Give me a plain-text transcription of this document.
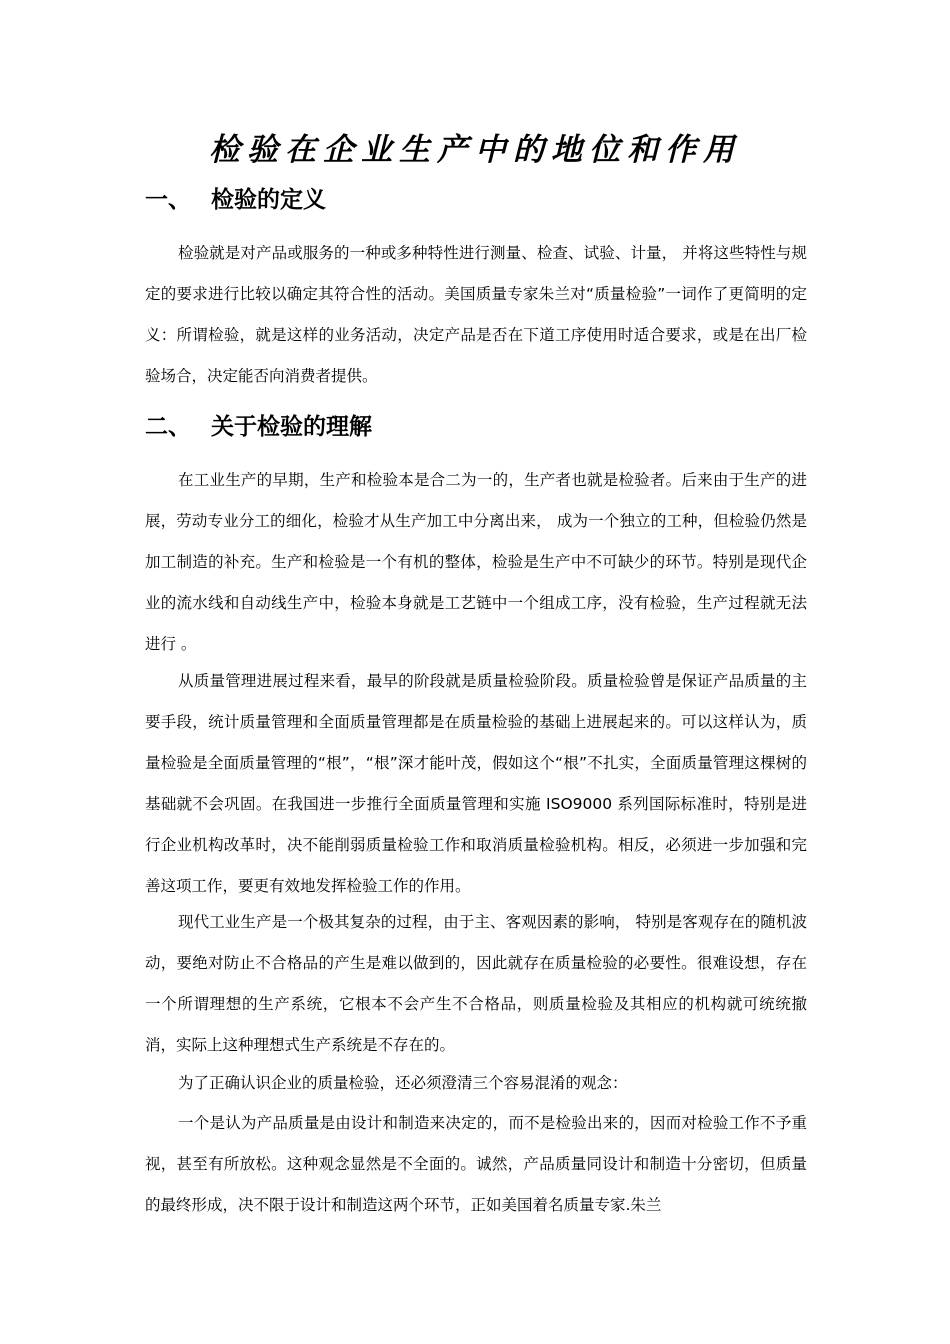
检验在企业生产中的地位和作用
一、 检验的定义

检验就是对产品或服务的一种或多种特性进行测量、检查、试验、计量， 并将这些特性与规定的要求进行比较以确定其符合性的活动。美国质量专家朱兰对“质量检验”一词作了更简明的定义：所谓检验，就是这样的业务活动，决定产品是否在下道工序使用时适合要求，或是在出厂检验场合，决定能否向消费者提供。

二、 关于检验的理解

在工业生产的早期，生产和检验本是合二为一的，生产者也就是检验者。后来由于生产的进展，劳动专业分工的细化，检验才从生产加工中分离出来， 成为一个独立的工种，但检验仍然是加工制造的补充。生产和检验是一个有机的整体，检验是生产中不可缺少的环节。特别是现代企业的流水线和自动线生产中，检验本身就是工艺链中一个组成工序，没有检验，生产过程就无法进行 。

从质量管理进展过程来看，最早的阶段就是质量检验阶段。质量检验曾是保证产品质量的主要手段，统计质量管理和全面质量管理都是在质量检验的基础上进展起来的。可以这样认为，质量检验是全面质量管理的“根”，“根”深才能叶茂，假如这个“根”不扎实，全面质量管理这棵树的基础就不会巩固。在我国进一步推行全面质量管理和实施 ISO9000 系列国际标准时，特别是进行企业机构改革时，决不能削弱质量检验工作和取消质量检验机构。相反，必须进一步加强和完善这项工作，要更有效地发挥检验工作的作用。

现代工业生产是一个极其复杂的过程，由于主、客观因素的影响， 特别是客观存在的随机波动，要绝对防止不合格品的产生是难以做到的，因此就存在质量检验的必要性。很难设想，存在一个所谓理想的生产系统，它根本不会产生不合格品，则质量检验及其相应的机构就可统统撤消，实际上这种理想式生产系统是不存在的。

为了正确认识企业的质量检验，还必须澄清三个容易混淆的观念：

一个是认为产品质量是由设计和制造来决定的，而不是检验出来的，因而对检验工作不予重视，甚至有所放松。这种观念显然是不全面的。诚然，产品质量同设计和制造十分密切，但质量的最终形成，决不限于设计和制造这两个环节，正如美国着名质量专家.朱兰
